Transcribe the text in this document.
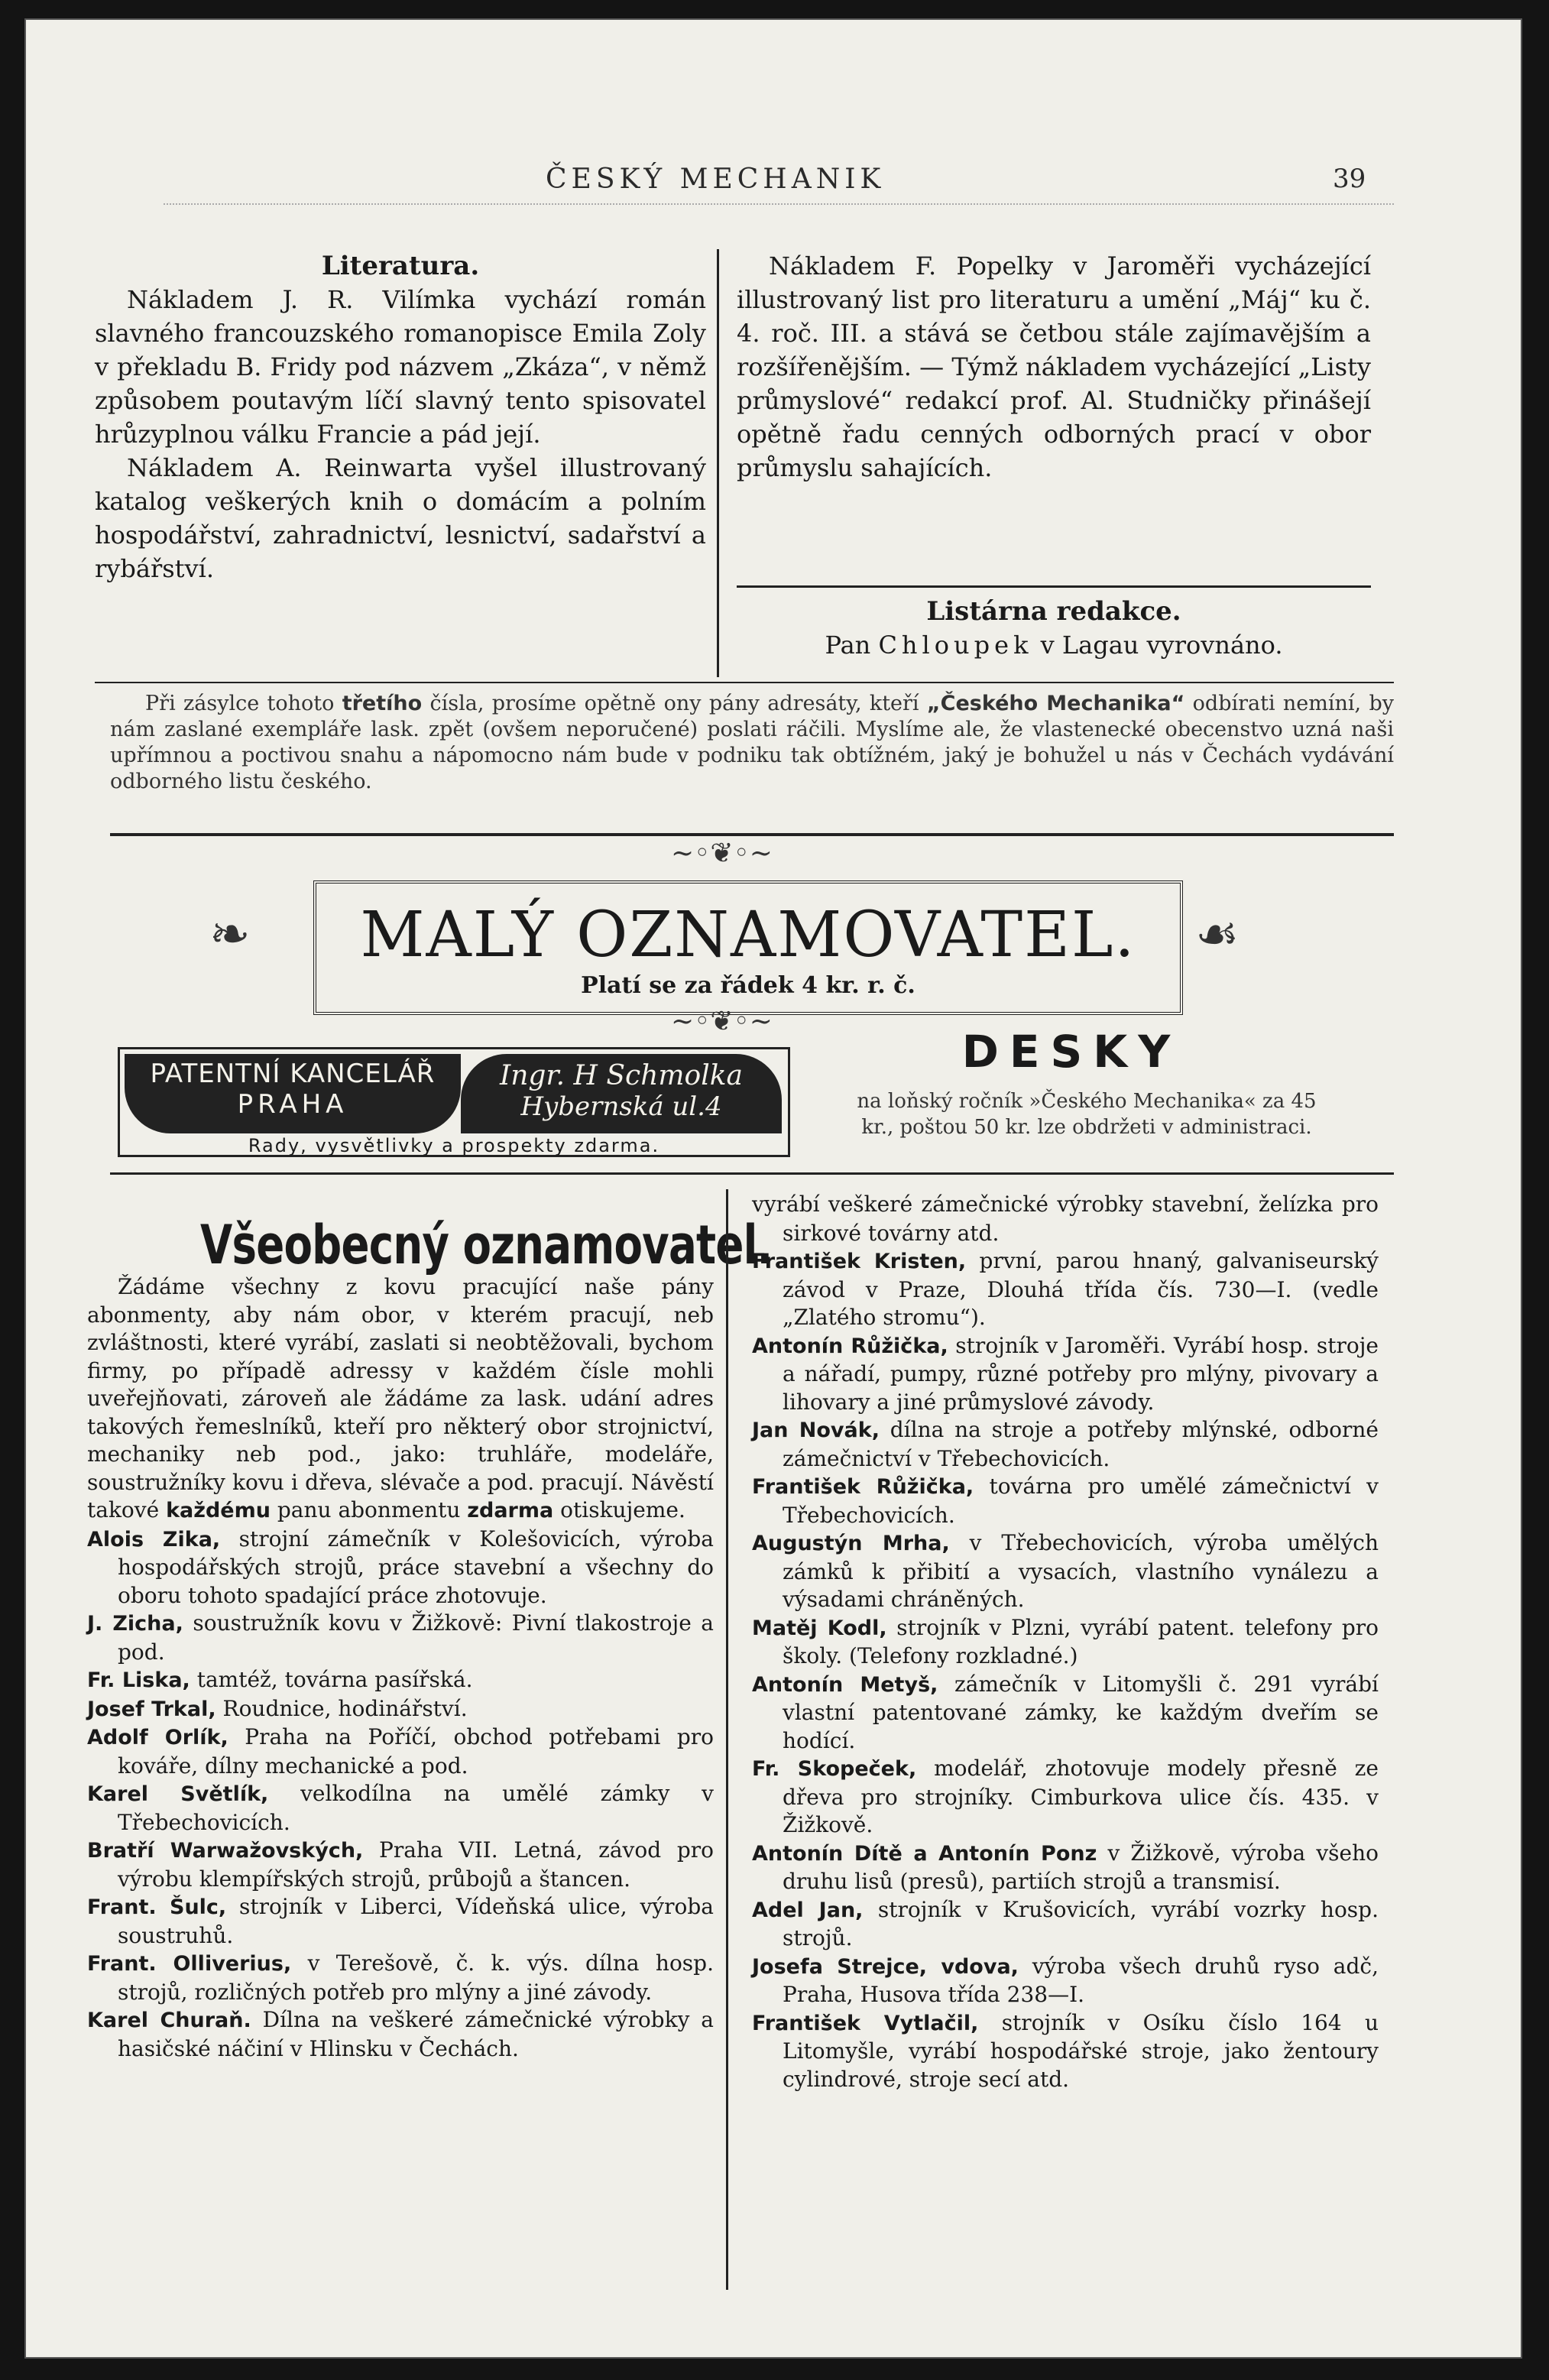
ČESKÝ MECHANIK	39

Literatura.

Nákladem J. R. Vilímka vychází román slavného francouzského romanopisce Emila Zoly v překladu B. Fridy pod názvem „Zkáza“, v němž způsobem poutavým líčí slavný tento spisovatel hrůzyplnou válku Francie a pád její.

Nákladem A. Reinwarta vyšel illustrovaný katalog veškerých knih o domácím a polním hospodářství, zahradnictví, lesnictví, sadařství a rybářství.

Nákladem F. Popelky v Jaroměři vycházející illustrovaný list pro literaturu a umění „Máj“ ku č. 4. roč. III. a stává se četbou stále zajímavějším a rozšířenějším. — Týmž nákladem vycházející „Listy průmyslové“ redakcí prof. Al. Studničky přinášejí opětně řadu cenných odborných prací v obor průmyslu sahajících.

Listárna redakce.

Pan Chloupek v Lagau vyrovnáno.

Při zásylce tohoto třetího čísla, prosíme opětně ony pány adresáty, kteří „Českého Mechanika“ odbírati nemíní, by nám zaslané exempláře lask. zpět (ovšem neporučené) poslati ráčili. Myslíme ale, že vlastenecké obecenstvo uzná naši upřímnou a poctivou snahu a nápomocno nám bude v podniku tak obtížném, jaký je bohužel u nás v Čechách vydávání odborného listu českého.
~◦❦◦~
❧	☙
MALÝ OZNAMOVATEL.
Platí se za řádek 4 kr. r. č.
~◦❦◦~
PATENTNÍ KANCELÁŘ
PRAHA
Ingr. H Schmolka
Hybernská ul.4
Rady, vysvětlivky a prospekty zdarma.
DESKY
na loňský ročník »Českého Mechanika« za 45 kr., poštou 50 kr. lze obdržeti v administraci.
Všeobecný oznamovatel.

Žádáme všechny z kovu pracující naše pány abonmenty, aby nám obor, v kterém pracují, neb zvláštnosti, které vyrábí, zaslati si neobtěžovali, bychom firmy, po případě adressy v každém čísle mohli uveřejňovati, zároveň ale žádáme za lask. udání adres takových řemeslníků, kteří pro některý obor strojnictví, mechaniky neb pod., jako: truhláře, modeláře, soustružníky kovu i dřeva, slévače a pod. pracují. Návěstí takové každému panu abonmentu zdarma otiskujeme.

Alois Zika, strojní zámečník v Kolešovicích, výroba hospodářských strojů, práce stavební a všechny do oboru tohoto spadající práce zhotovuje.

J. Zicha, soustružník kovu v Žižkově: Pivní tlakostroje a pod.

Fr. Liska, tamtéž, továrna pasířská.

Josef Trkal, Roudnice, hodinářství.

Adolf Orlík, Praha na Poříčí, obchod potřebami pro kováře, dílny mechanické a pod.

Karel Světlík, velkodílna na umělé zámky v Třebechovicích.

Bratří Warwažovských, Praha VII. Letná, závod pro výrobu klempířských strojů, průbojů a štancen.

Frant. Šulc, strojník v Liberci, Vídeňská ulice, výroba soustruhů.

Frant. Olliverius, v Terešově, č. k. výs. dílna hosp. strojů, rozličných potřeb pro mlýny a jiné závody.

Karel Churaň. Dílna na veškeré zámečnické výrobky a hasičské náčiní v Hlinsku v Čechách.

vyrábí veškeré zámečnické výrobky stavební, želízka pro sirkové továrny atd.

František Kristen, první, parou hnaný, galvaniseurský závod v Praze, Dlouhá třída čís. 730—I. (vedle „Zlatého stromu“).

Antonín Růžička, strojník v Jaroměři. Vyrábí hosp. stroje a nářadí, pumpy, různé potřeby pro mlýny, pivovary a lihovary a jiné průmyslové závody.

Jan Novák, dílna na stroje a potřeby mlýnské, odborné zámečnictví v Třebechovicích.

František Růžička, továrna pro umělé zámečnictví v Třebechovicích.

Augustýn Mrha, v Třebechovicích, výroba umělých zámků k přibití a vysacích, vlastního vynálezu a výsadami chráněných.

Matěj Kodl, strojník v Plzni, vyrábí patent. telefony pro školy. (Telefony rozkladné.)

Antonín Metyš, zámečník v Litomyšli č. 291 vyrábí vlastní patentované zámky, ke každým dveřím se hodící.

Fr. Skopeček, modelář, zhotovuje modely přesně ze dřeva pro strojníky. Cimburkova ulice čís. 435. v Žižkově.

Antonín Dítě a Antonín Ponz v Žižkově, výroba všeho druhu lisů (presů), partiích strojů a transmisí.

Adel Jan, strojník v Krušovicích, vyrábí vozrky hosp. strojů.

Josefa Strejce, vdova, výroba všech druhů ryso adč, Praha, Husova třída 238—I.

František Vytlačil, strojník v Osíku číslo 164 u Litomyšle, vyrábí hospodářské stroje, jako žentoury cylindrové, stroje secí atd.
